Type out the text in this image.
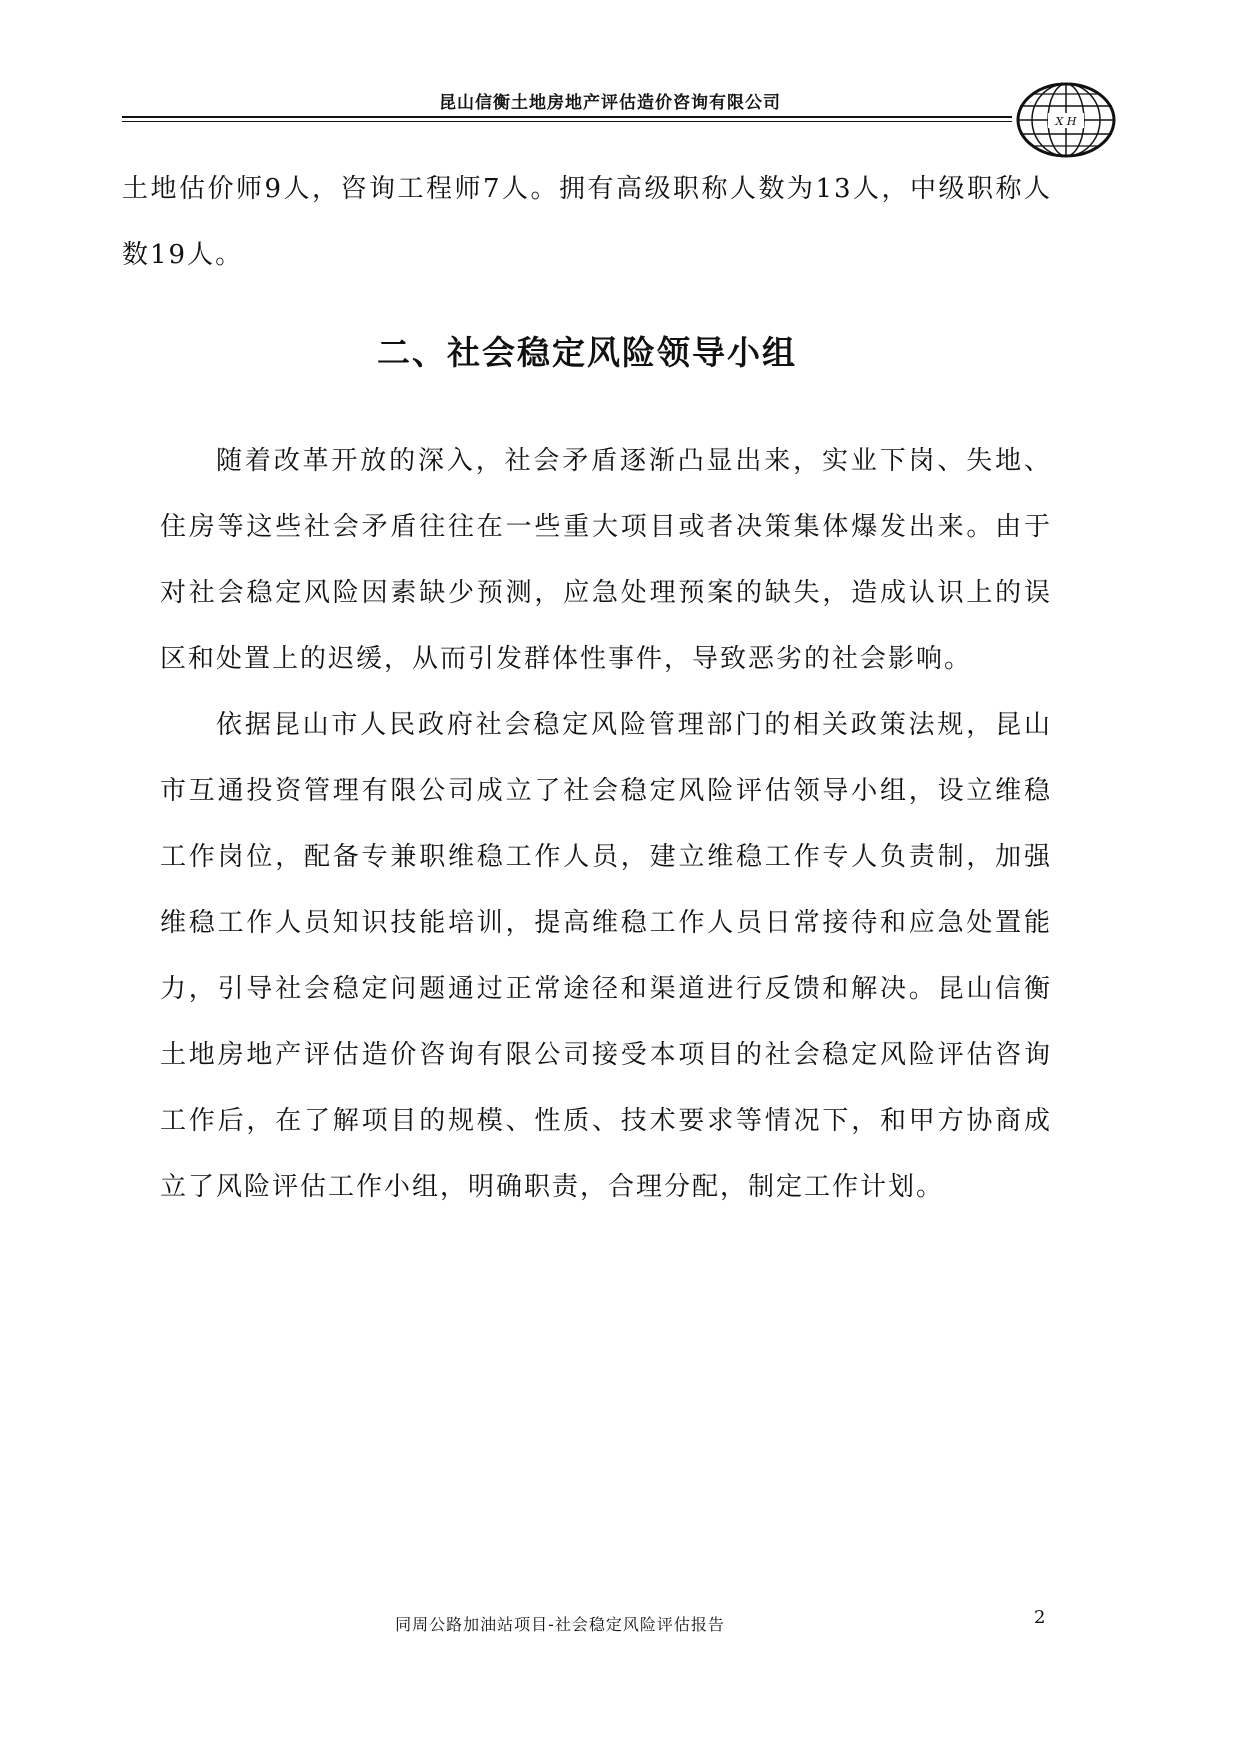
昆山信衡土地房地产评估造价咨询有限公司
X H

土地估价师9人，咨询工程师7人。拥有高级职称人数为13人，中级职称人数19人。

二、社会稳定风险领导小组

随着改革开放的深入，社会矛盾逐渐凸显出来，实业下岗、失地、住房等这些社会矛盾往往在一些重大项目或者决策集体爆发出来。由于对社会稳定风险因素缺少预测，应急处理预案的缺失，造成认识上的误区和处置上的迟缓，从而引发群体性事件，导致恶劣的社会影响。

依据昆山市人民政府社会稳定风险管理部门的相关政策法规，昆山市互通投资管理有限公司成立了社会稳定风险评估领导小组，设立维稳工作岗位，配备专兼职维稳工作人员，建立维稳工作专人负责制，加强维稳工作人员知识技能培训，提高维稳工作人员日常接待和应急处置能力，引导社会稳定问题通过正常途径和渠道进行反馈和解决。昆山信衡土地房地产评估造价咨询有限公司接受本项目的社会稳定风险评估咨询工作后，在了解项目的规模、性质、技术要求等情况下，和甲方协商成立了风险评估工作小组，明确职责，合理分配，制定工作计划。

同周公路加油站项目-社会稳定风险评估报告	2
